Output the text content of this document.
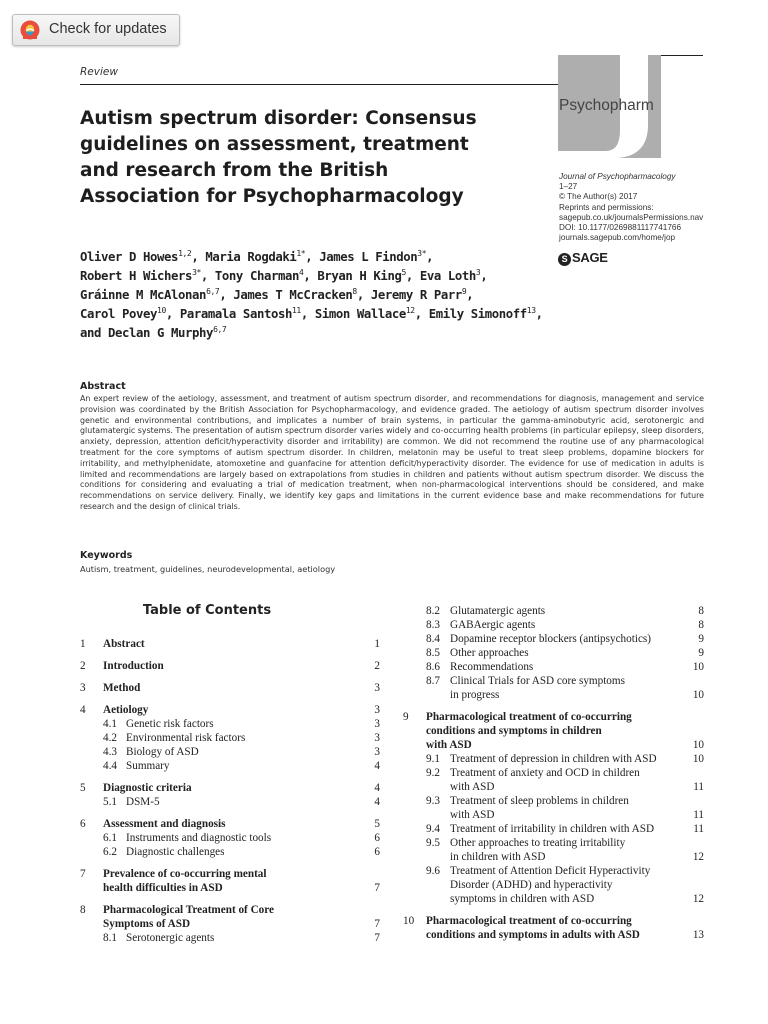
Check for updates
Review
Psychopharm
Autism spectrum disorder: Consensus guidelines on assessment, treatment and research from the British Association for Psychopharmacology
Journal of Psychopharmacology
1–27
© The Author(s) 2017
Reprints and permissions:
sagepub.co.uk/journalsPermissions.nav
DOI: 10.1177/0269881117741766
journals.sagepub.com/home/jop
S SAGE
Oliver D Howes$^{1,2}$, Maria Rogdaki$^{1*}$, James L Findon$^{3*}$,
Robert H Wichers$^{3*}$, Tony Charman$^4$, Bryan H King$^5$, Eva Loth$^3$,
Gráinne M McAlonan$^{6,7}$, James T McCracken$^8$, Jeremy R Parr$^9$,
Carol Povey$^{10}$, Paramala Santosh$^{11}$, Simon Wallace$^{12}$, Emily Simonoff$^{13}$,
and Declan G Murphy$^{6,7}$
Abstract
An expert review of the aetiology, assessment, and treatment of autism spectrum disorder, and recommendations for diagnosis, management and service provision was coordinated by the British Association for Psychopharmacology, and evidence graded. The aetiology of autism spectrum disorder involves genetic and environmental contributions, and implicates a number of brain systems, in particular the gamma-aminobutyric acid, serotonergic and glutamatergic systems. The presentation of autism spectrum disorder varies widely and co-occurring health problems (in particular epilepsy, sleep disorders, anxiety, depression, attention deficit/hyperactivity disorder and irritability) are common. We did not recommend the routine use of any pharmacological treatment for the core symptoms of autism spectrum disorder. In children, melatonin may be useful to treat sleep problems, dopamine blockers for irritability, and methylphenidate, atomoxetine and guanfacine for attention deficit/hyperactivity disorder. The evidence for use of medication in adults is limited and recommendations are largely based on extrapolations from studies in children and patients without autism spectrum disorder. We discuss the conditions for considering and evaluating a trial of medication treatment, when non-pharmacological interventions should be considered, and make recommendations on service delivery. Finally, we identify key gaps and limitations in the current evidence base and make recommendations for future research and the design of clinical trials.
Keywords
Autism, treatment, guidelines, neurodevelopmental, aetiology
Table of Contents
1 Abstract	1
2 Introduction	2
3 Method	3
4 Aetiology	3
4.1 Genetic risk factors	3
4.2 Environmental risk factors	3
4.3 Biology of ASD	3
4.4 Summary	4
5 Diagnostic criteria	4
5.1 DSM-5	4
6 Assessment and diagnosis	5
6.1 Instruments and diagnostic tools	6
6.2 Diagnostic challenges	6
7 Prevalence of co-occurring mental
health difficulties in ASD	7
8 Pharmacological Treatment of Core
Symptoms of ASD	7
8.1 Serotonergic agents	7
8.2 Glutamatergic agents	8
8.3 GABAergic agents	8
8.4 Dopamine receptor blockers (antipsychotics)	9
8.5 Other approaches	9
8.6 Recommendations	10
8.7 Clinical Trials for ASD core symptoms
in progress	10
9 Pharmacological treatment of co-occurring
conditions and symptoms in children
with ASD	10
9.1 Treatment of depression in children with ASD	10
9.2 Treatment of anxiety and OCD in children
with ASD	11
9.3 Treatment of sleep problems in children
with ASD	11
9.4 Treatment of irritability in children with ASD	11
9.5 Other approaches to treating irritability
in children with ASD	12
9.6 Treatment of Attention Deficit Hyperactivity
Disorder (ADHD) and hyperactivity
symptoms in children with ASD	12
10 Pharmacological treatment of co-occurring
conditions and symptoms in adults with ASD	13
